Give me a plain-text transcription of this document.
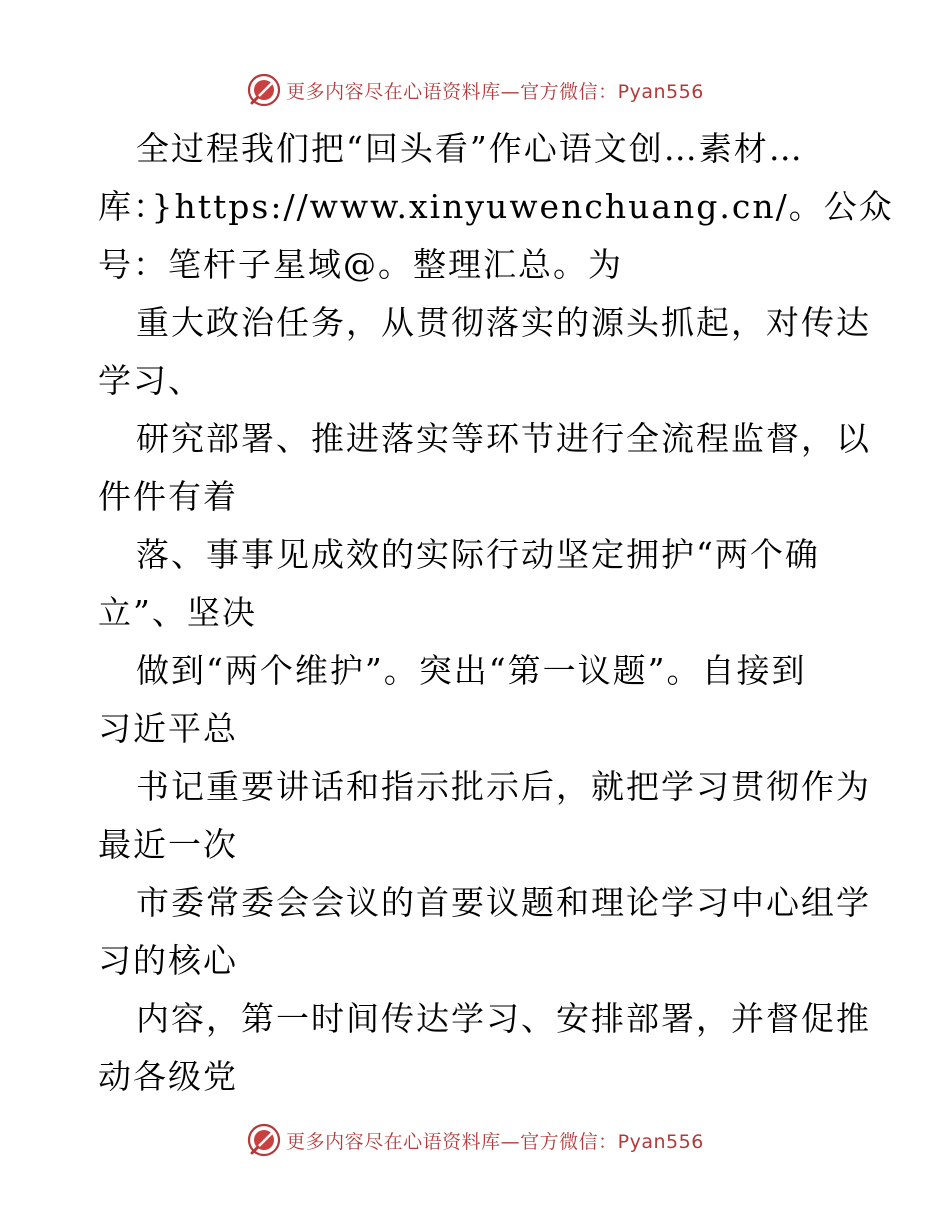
更多内容尽在心语资料库—官方微信：Pyan556
全过程我们把“回头看”作心语文创…素材…
库：}https://www.xinyuwenchuang.cn/。公众
号：笔杆子星域@。整理汇总。为
重大政治任务，从贯彻落实的源头抓起，对传达
学习、
研究部署、推进落实等环节进行全流程监督，以
件件有着
落、事事见成效的实际行动坚定拥护“两个确
立”、坚决
做到“两个维护”。突出“第一议题”。自接到
习近平总
书记重要讲话和指示批示后，就把学习贯彻作为
最近一次
市委常委会会议的首要议题和理论学习中心组学
习的核心
内容，第一时间传达学习、安排部署，并督促推
动各级党
更多内容尽在心语资料库—官方微信：Pyan556
